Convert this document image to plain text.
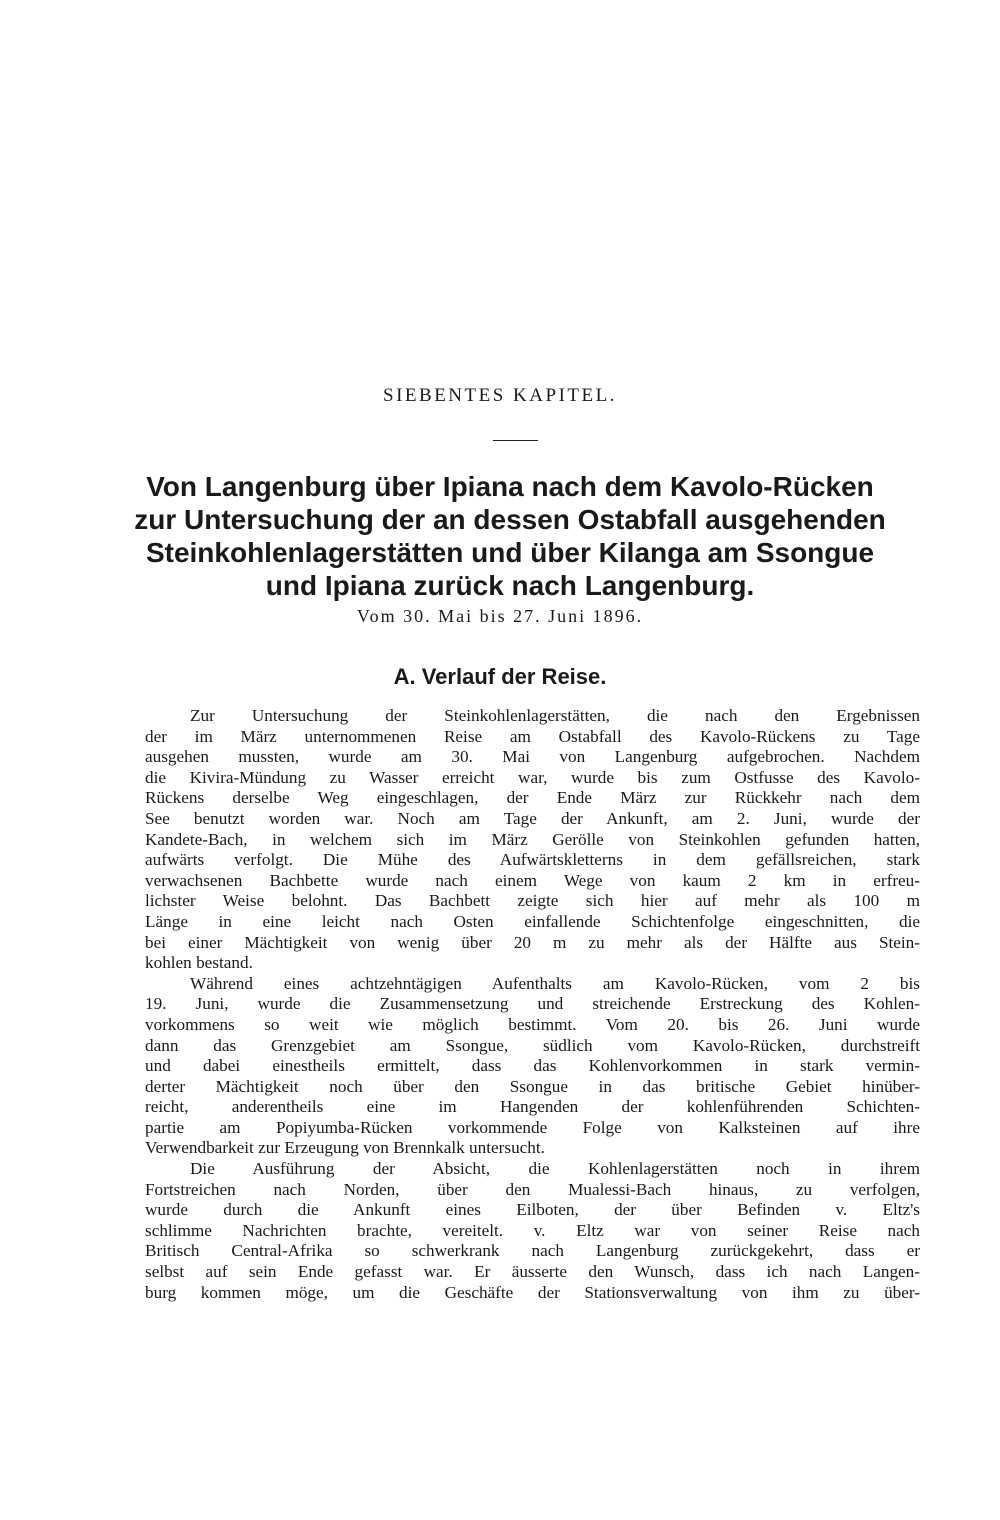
SIEBENTES KAPITEL.
Von Langenburg über Ipiana nach dem Kavolo-Rücken
zur Untersuchung der an dessen Ostabfall ausgehenden
Steinkohlenlagerstätten und über Kilanga am Ssongue
und Ipiana zurück nach Langenburg.
Vom 30. Mai bis 27. Juni 1896.
A. Verlauf der Reise.
Zur Untersuchung der Steinkohlenlagerstätten, die nach den Ergebnissen
der im März unternommenen Reise am Ostabfall des Kavolo-Rückens zu Tage
ausgehen mussten, wurde am 30. Mai von Langenburg aufgebrochen. Nachdem
die Kivira-Mündung zu Wasser erreicht war, wurde bis zum Ostfusse des Kavolo-
Rückens derselbe Weg eingeschlagen, der Ende März zur Rückkehr nach dem
See benutzt worden war. Noch am Tage der Ankunft, am 2. Juni, wurde der
Kandete-Bach, in welchem sich im März Gerölle von Steinkohlen gefunden hatten,
aufwärts verfolgt. Die Mühe des Aufwärtskletterns in dem gefällsreichen, stark
verwachsenen Bachbette wurde nach einem Wege von kaum 2 km in erfreu-
lichster Weise belohnt. Das Bachbett zeigte sich hier auf mehr als 100 m
Länge in eine leicht nach Osten einfallende Schichtenfolge eingeschnitten, die
bei einer Mächtigkeit von wenig über 20 m zu mehr als der Hälfte aus Stein-
kohlen bestand.
Während eines achtzehntägigen Aufenthalts am Kavolo-Rücken, vom 2 bis
19. Juni, wurde die Zusammensetzung und streichende Erstreckung des Kohlen-
vorkommens so weit wie möglich bestimmt. Vom 20. bis 26. Juni wurde
dann das Grenzgebiet am Ssongue, südlich vom Kavolo-Rücken, durchstreift
und dabei einestheils ermittelt, dass das Kohlenvorkommen in stark vermin-
derter Mächtigkeit noch über den Ssongue in das britische Gebiet hinüber-
reicht, anderentheils eine im Hangenden der kohlenführenden Schichten-
partie am Popiyumba-Rücken vorkommende Folge von Kalksteinen auf ihre
Verwendbarkeit zur Erzeugung von Brennkalk untersucht.
Die Ausführung der Absicht, die Kohlenlagerstätten noch in ihrem
Fortstreichen nach Norden, über den Mualessi-Bach hinaus, zu verfolgen,
wurde durch die Ankunft eines Eilboten, der über Befinden v. Eltz's
schlimme Nachrichten brachte, vereitelt. v. Eltz war von seiner Reise nach
Britisch Central-Afrika so schwerkrank nach Langenburg zurückgekehrt, dass er
selbst auf sein Ende gefasst war. Er äusserte den Wunsch, dass ich nach Langen-
burg kommen möge, um die Geschäfte der Stationsverwaltung von ihm zu über-
